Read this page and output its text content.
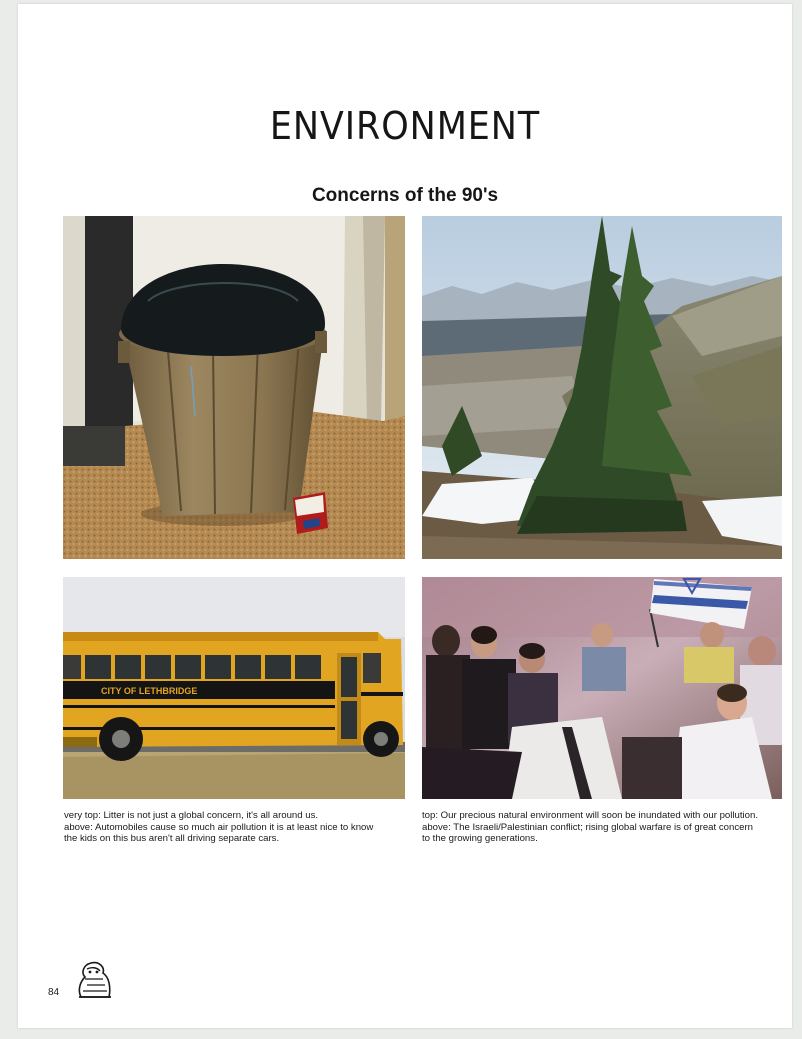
ENVIRONMENT
Concerns of the 90's
CITY OF LETHBRIDGE
very top: Litter is not just a global concern, it's all around us.
above: Automobiles cause so much air pollution it is at least nice to know
the kids on this bus aren't all driving separate cars.
top: Our precious natural environment will soon be inundated with our pollution.
above: The Israeli/Palestinian conflict; rising global warfare is of great concern
to the growing generations.
84
